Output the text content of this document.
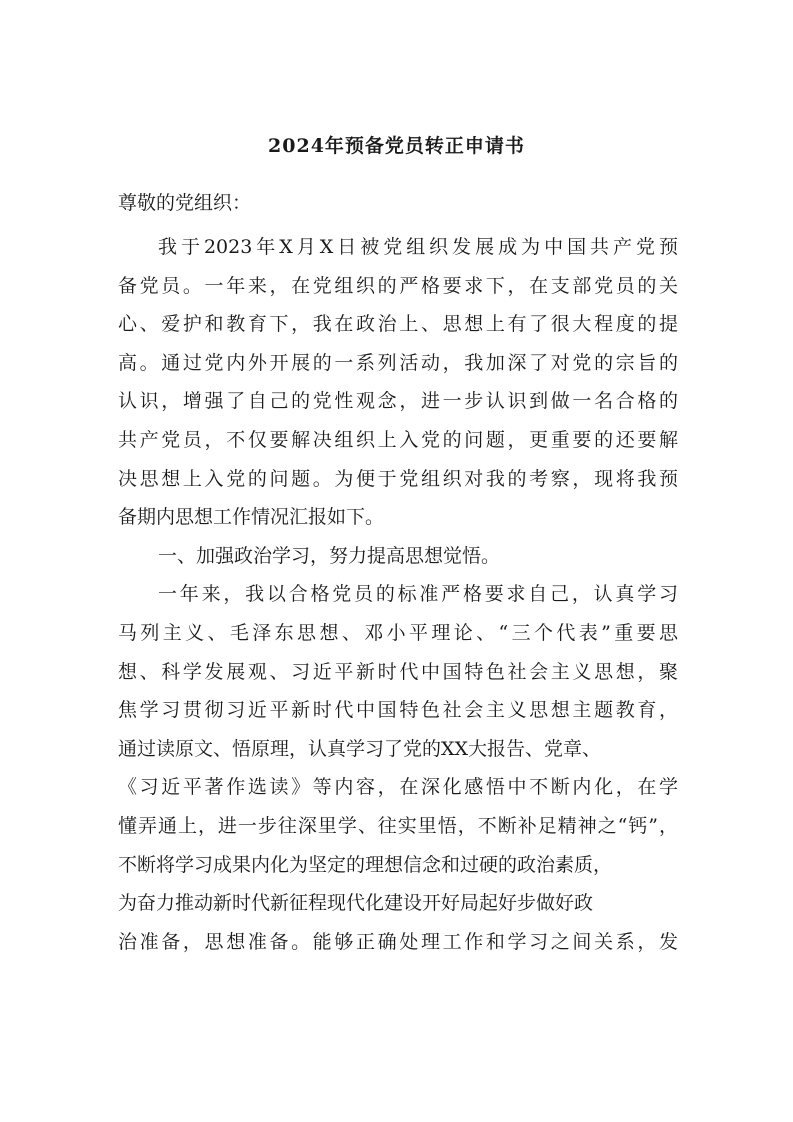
2024年预备党员转正申请书
尊敬的党组织：
我于2023年X月X日被党组织发展成为中国共产党预
备党员。一年来，在党组织的严格要求下，在支部党员的关
心、爱护和教育下，我在政治上、思想上有了很大程度的提
高。通过党内外开展的一系列活动，我加深了对党的宗旨的
认识，增强了自己的党性观念，进一步认识到做一名合格的
共产党员，不仅要解决组织上入党的问题，更重要的还要解
决思想上入党的问题。为便于党组织对我的考察，现将我预
备期内思想工作情况汇报如下。
一、加强政治学习，努力提高思想觉悟。
一年来，我以合格党员的标准严格要求自己，认真学习
马列主义、毛泽东思想、邓小平理论、“三个代表”重要思
想、科学发展观、习近平新时代中国特色社会主义思想，聚
焦学习贯彻习近平新时代中国特色社会主义思想主题教育，
通过读原文、悟原理，认真学习了党的XX大报告、党章、
《习近平著作选读》等内容，在深化感悟中不断内化，在学
懂弄通上，进一步往深里学、往实里悟，不断补足精神之“钙”，
不断将学习成果内化为坚定的理想信念和过硬的政治素质，
为奋力推动新时代新征程现代化建设开好局起好步做好政
治准备，思想准备。能够正确处理工作和学习之间关系，发
